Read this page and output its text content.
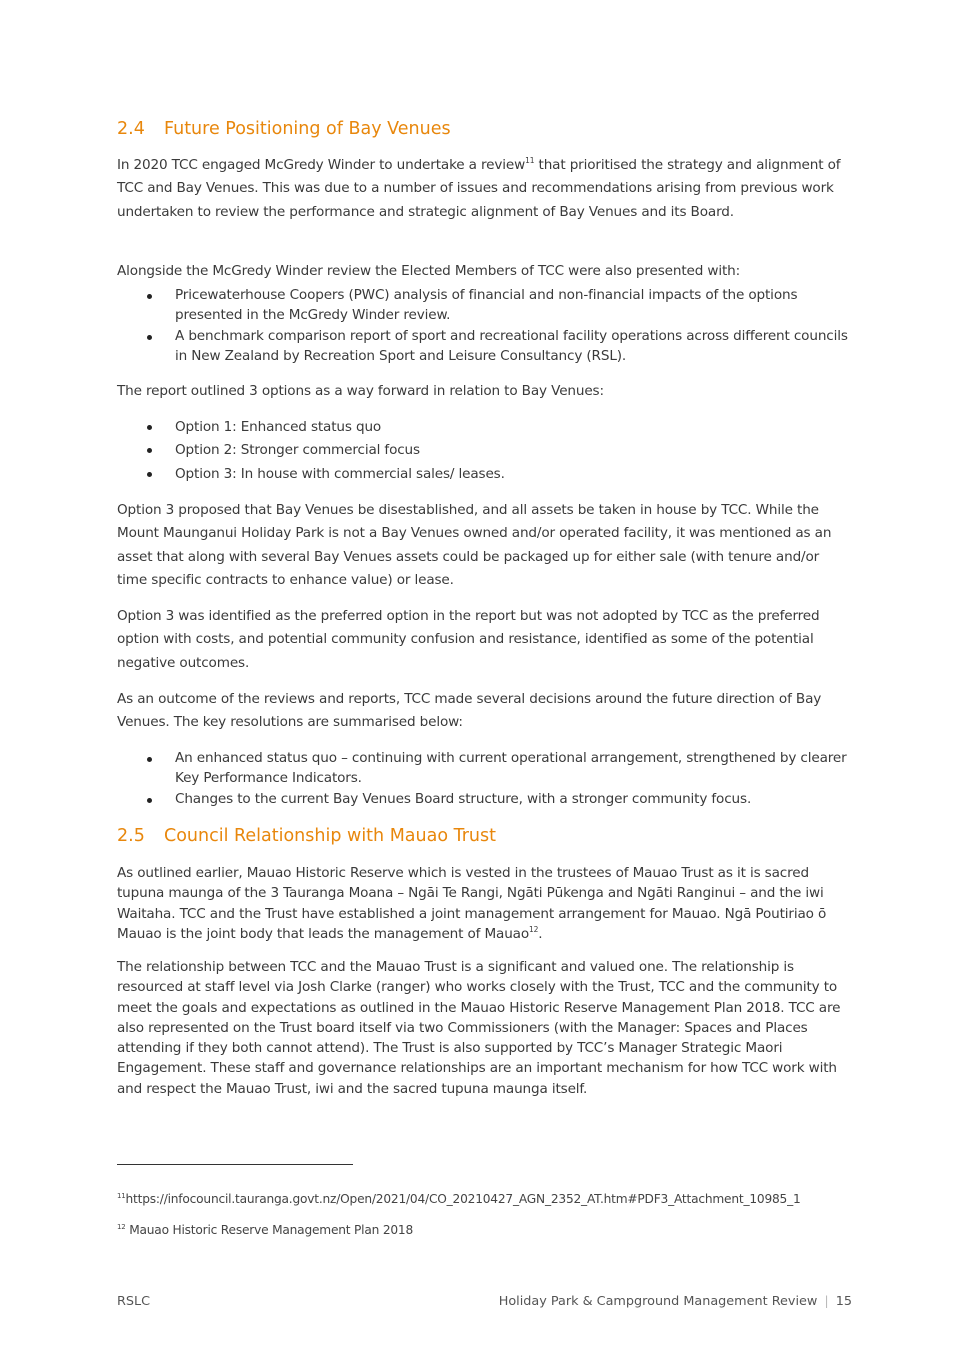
2.4 Future Positioning of Bay Venues

In 2020 TCC engaged McGredy Winder to undertake a review$^{11}$ that prioritised the strategy and alignment of TCC and Bay Venues. This was due to a number of issues and recommendations arising from previous work undertaken to review the performance and strategic alignment of Bay Venues and its Board.

Alongside the McGredy Winder review the Elected Members of TCC were also presented with:

Pricewaterhouse Coopers (PWC) analysis of financial and non-financial impacts of the options presented in the McGredy Winder review.
A benchmark comparison report of sport and recreational facility operations across different councils in New Zealand by Recreation Sport and Leisure Consultancy (RSL).

The report outlined 3 options as a way forward in relation to Bay Venues:

Option 1: Enhanced status quo
Option 2: Stronger commercial focus
Option 3: In house with commercial sales/ leases.

Option 3 proposed that Bay Venues be disestablished, and all assets be taken in house by TCC. While the Mount Maunganui Holiday Park is not a Bay Venues owned and/or operated facility, it was mentioned as an asset that along with several Bay Venues assets could be packaged up for either sale (with tenure and/or time specific contracts to enhance value) or lease.

Option 3 was identified as the preferred option in the report but was not adopted by TCC as the preferred option with costs, and potential community confusion and resistance, identified as some of the potential negative outcomes.

As an outcome of the reviews and reports, TCC made several decisions around the future direction of Bay Venues. The key resolutions are summarised below:

An enhanced status quo – continuing with current operational arrangement, strengthened by clearer Key Performance Indicators.
Changes to the current Bay Venues Board structure, with a stronger community focus.
2.5 Council Relationship with Mauao Trust

As outlined earlier, Mauao Historic Reserve which is vested in the trustees of Mauao Trust as it is sacred tupuna maunga of the 3 Tauranga Moana – Ngāi Te Rangi, Ngāti Pūkenga and Ngāti Ranginui – and the iwi Waitaha. TCC and the Trust have established a joint management arrangement for Mauao. Ngā Poutiriao ō Mauao is the joint body that leads the management of Mauao$^{12}$.

The relationship between TCC and the Mauao Trust is a significant and valued one. The relationship is resourced at staff level via Josh Clarke (ranger) who works closely with the Trust, TCC and the community to meet the goals and expectations as outlined in the Mauao Historic Reserve Management Plan 2018. TCC are also represented on the Trust board itself via two Commissioners (with the Manager: Spaces and Places attending if they both cannot attend). The Trust is also supported by TCC’s Manager Strategic Maori Engagement. These staff and governance relationships are an important mechanism for how TCC work with and respect the Mauao Trust, iwi and the sacred tupuna maunga itself.

$^{11}$https://infocouncil.tauranga.govt.nz/Open/2021/04/CO_20210427_AGN_2352_AT.htm#PDF3_Attachment_10985_1
$^{12}$ Mauao Historic Reserve Management Plan 2018
RSLC	Holiday Park & Campground Management Review | 15
